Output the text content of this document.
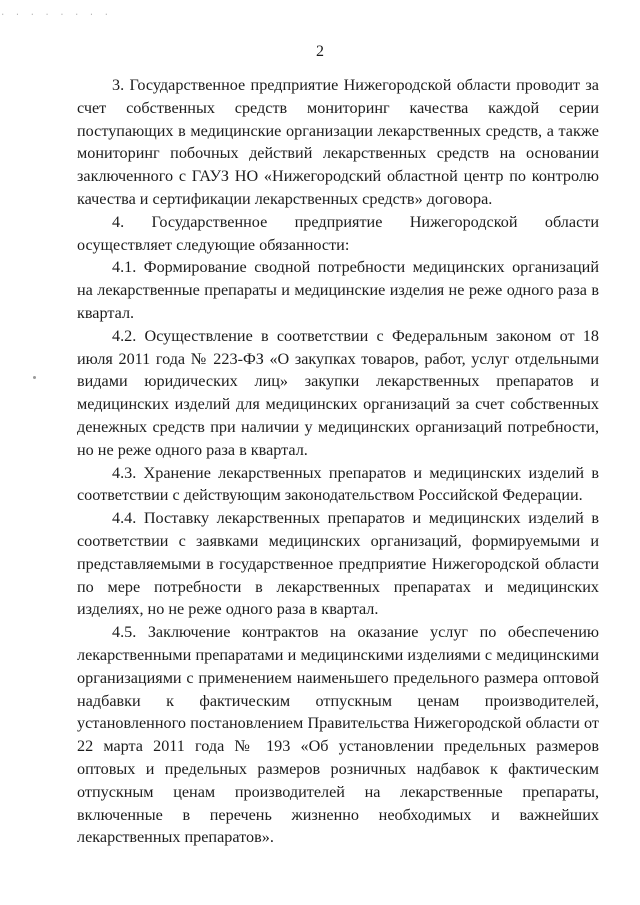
· · · · · · · ·
2

3. Государственное предприятие Нижегородской области проводит за счет собственных средств мониторинг качества каждой серии поступающих в медицинские организации лекарственных средств, а также мониторинг побочных действий лекарственных средств на основании заключенного с ГАУЗ НО «Нижегородский областной центр по контролю качества и сертификации лекарственных средств» договора.

4. Государственное предприятие Нижегородской области осуществляет следующие обязанности:

4.1. Формирование сводной потребности медицинских организаций на лекарственные препараты и медицинские изделия не реже одного раза в квартал.

4.2. Осуществление в соответствии с Федеральным законом от 18 июля 2011 года № 223-ФЗ «О закупках товаров, работ, услуг отдельными видами юридических лиц» закупки лекарственных препаратов и медицинских изделий для медицинских организаций за счет собственных денежных средств при наличии у медицинских организаций потребности, но не реже одного раза в квартал.

4.3. Хранение лекарственных препаратов и медицинских изделий в соответствии с действующим законодательством Российской Федерации.

4.4. Поставку лекарственных препаратов и медицинских изделий в соответствии с заявками медицинских организаций, формируемыми и представляемыми в государственное предприятие Нижегородской области по мере потребности в лекарственных препаратах и медицинских изделиях, но не реже одного раза в квартал.

4.5. Заключение контрактов на оказание услуг по обеспечению лекарственными препаратами и медицинскими изделиями с медицинскими организациями с применением наименьшего предельного размера оптовой надбавки к фактическим отпускным ценам производителей, установленного постановлением Правительства Нижегородской области от 22 марта 2011 года № 193 «Об установлении предельных размеров оптовых и предельных размеров розничных надбавок к фактическим отпускным ценам производителей на лекарственные препараты, включенные в перечень жизненно необходимых и важнейших лекарственных препаратов».
